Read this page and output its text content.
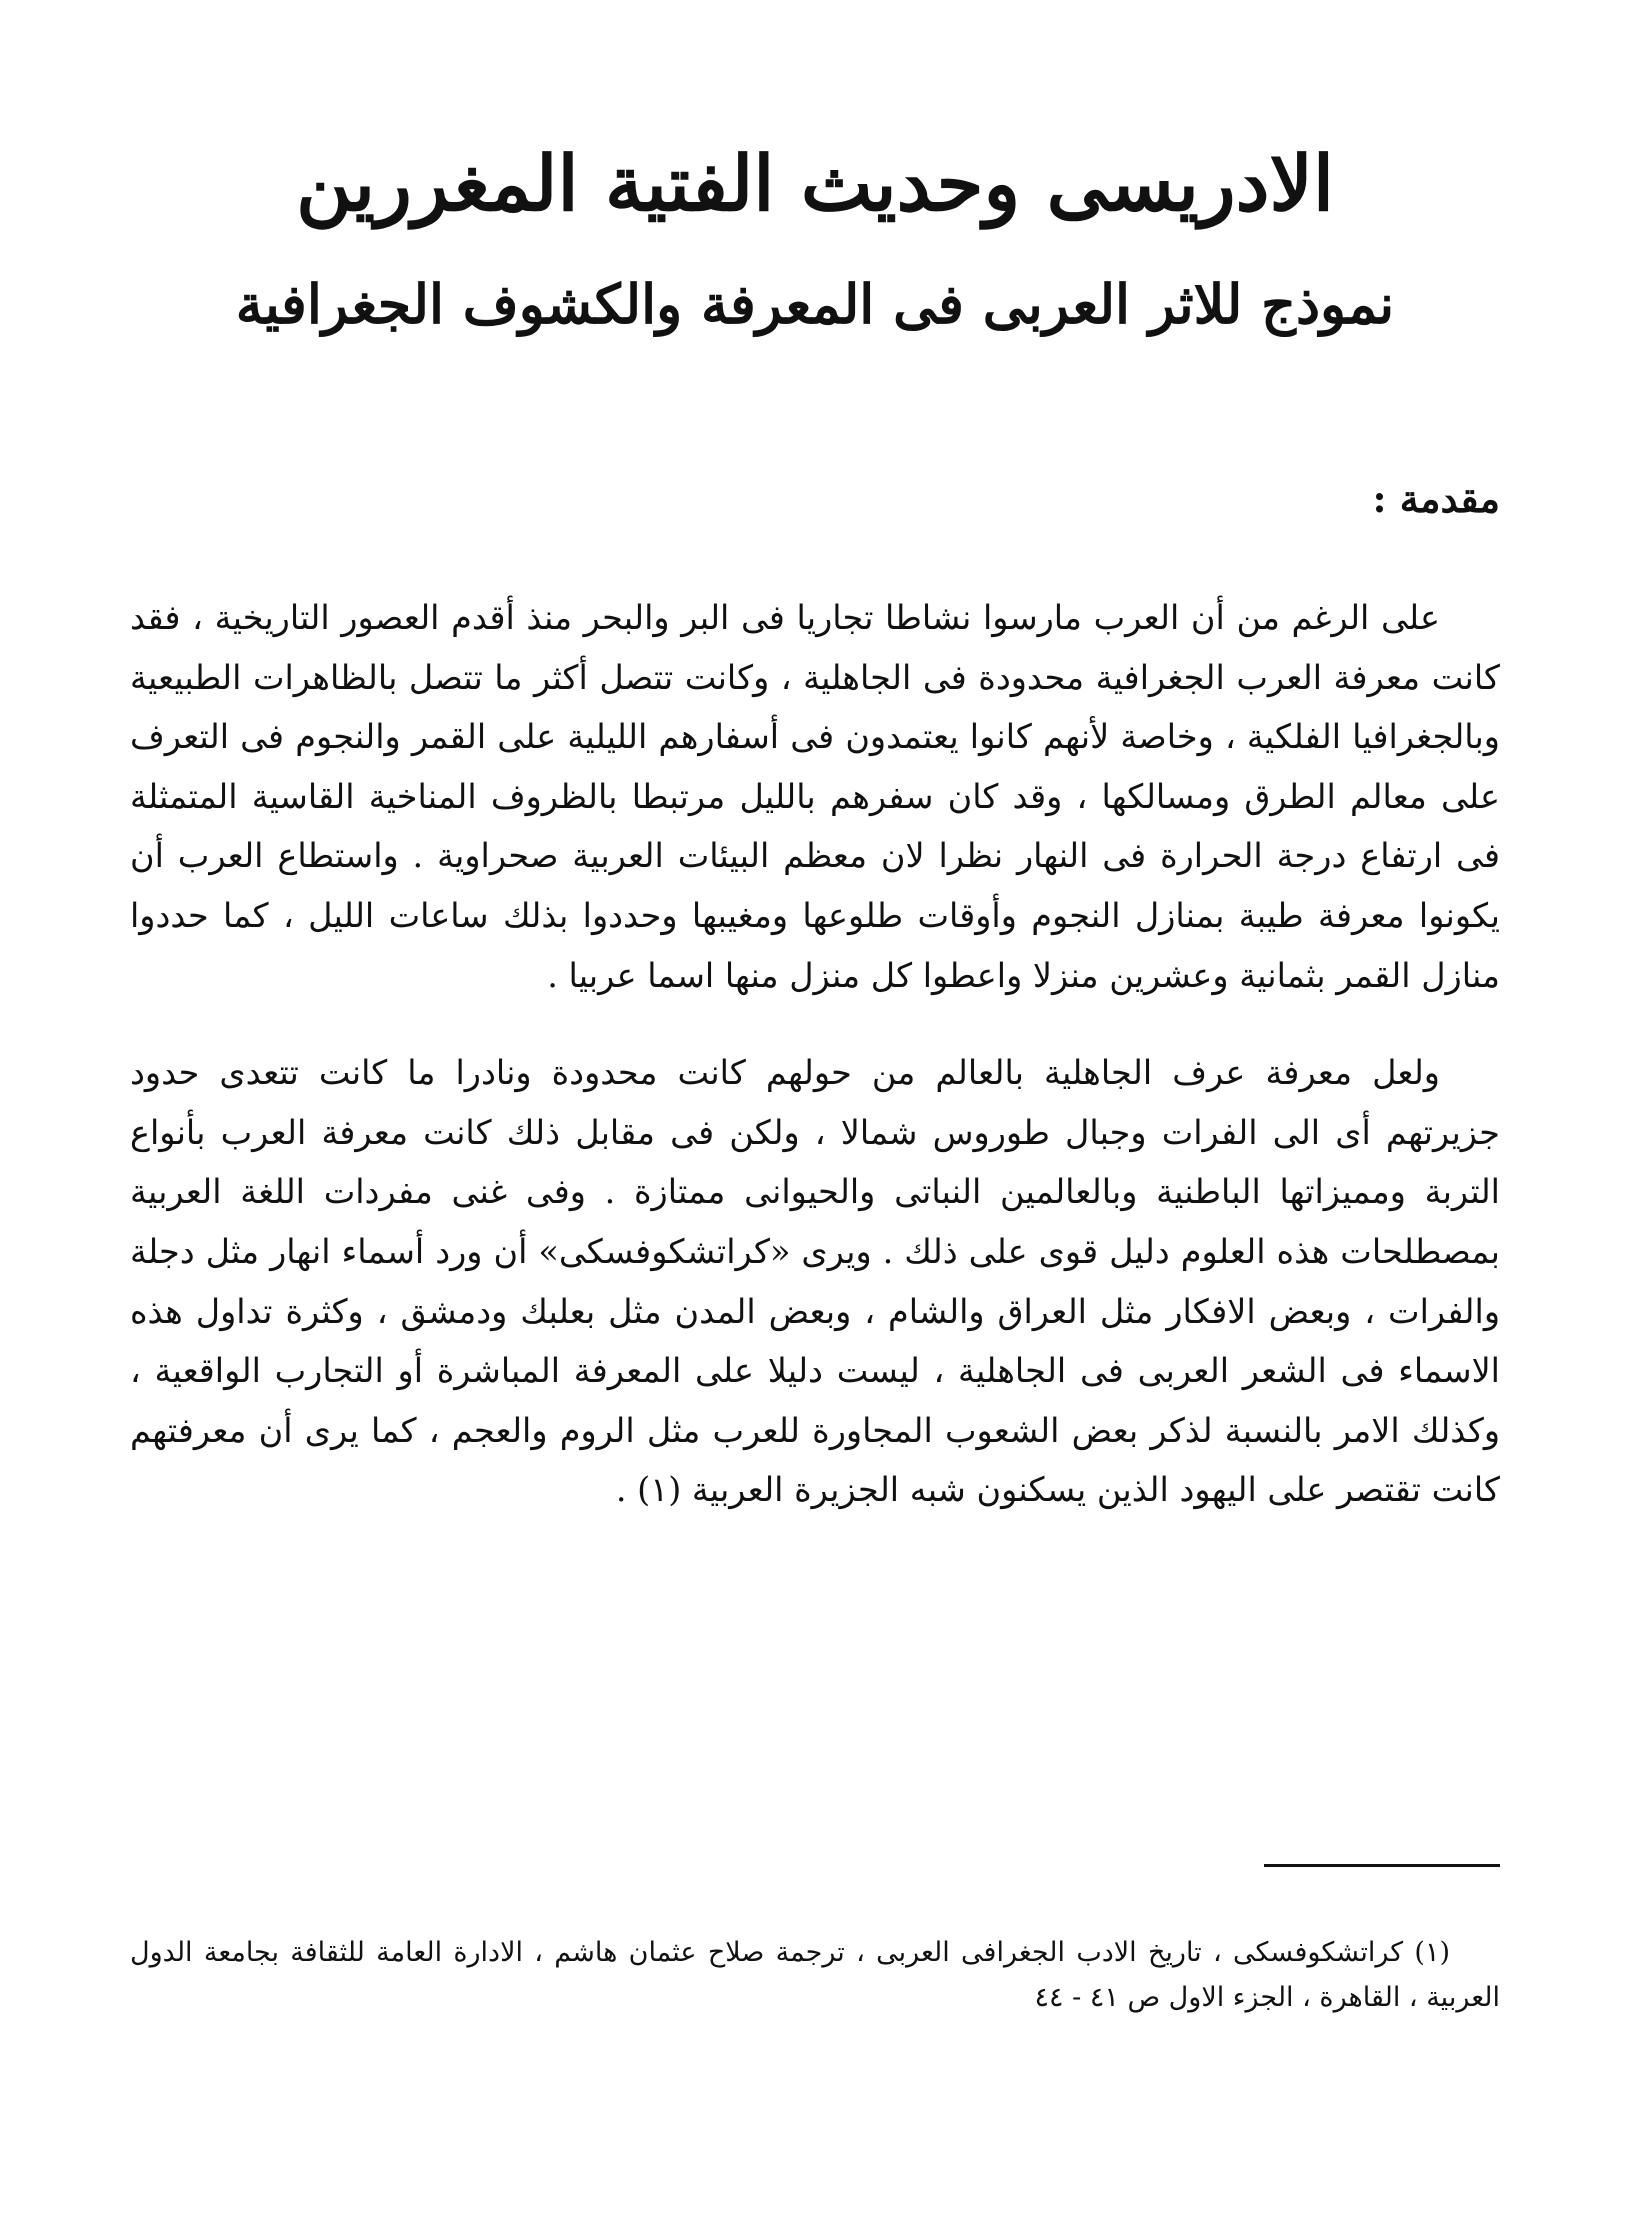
الادريسى وحديث الفتية المغررين
نموذج للاثر العربى فى المعرفة والكشوف الجغرافية
مقدمة :

على الرغم من أن العرب مارسوا نشاطا تجاريا فى البر والبحر منذ أقدم العصور التاريخية ، فقد كانت معرفة العرب الجغرافية محدودة فى الجاهلية ، وكانت تتصل أكثر ما تتصل بالظاهرات الطبيعية وبالجغرافيا الفلكية ، وخاصة لأنهم كانوا يعتمدون فى أسفارهم الليلية على القمر والنجوم فى التعرف على معالم الطرق ومسالكها ، وقد كان سفرهم بالليل مرتبطا بالظروف المناخية القاسية المتمثلة فى ارتفاع درجة الحرارة فى النهار نظرا لان معظم البيئات العربية صحراوية . واستطاع العرب أن يكونوا معرفة طيبة بمنازل النجوم وأوقات طلوعها ومغيبها وحددوا بذلك ساعات الليل ، كما حددوا منازل القمر بثمانية وعشرين منزلا واعطوا كل منزل منها اسما عربيا .

ولعل معرفة عرف الجاهلية بالعالم من حولهم كانت محدودة ونادرا ما كانت تتعدى حدود جزيرتهم أى الى الفرات وجبال طوروس شمالا ، ولكن فى مقابل ذلك كانت معرفة العرب بأنواع التربة ومميزاتها الباطنية وبالعالمين النباتى والحيوانى ممتازة . وفى غنى مفردات اللغة العربية بمصطلحات هذه العلوم دليل قوى على ذلك . ويرى «كراتشكوفسكى» أن ورد أسماء انهار مثل دجلة والفرات ، وبعض الافكار مثل العراق والشام ، وبعض المدن مثل بعلبك ودمشق ، وكثرة تداول هذه الاسماء فى الشعر العربى فى الجاهلية ، ليست دليلا على المعرفة المباشرة أو التجارب الواقعية ، وكذلك الامر بالنسبة لذكر بعض الشعوب المجاورة للعرب مثل الروم والعجم ، كما يرى أن معرفتهم كانت تقتصر على اليهود الذين يسكنون شبه الجزيرة العربية (١) .

(١) كراتشكوفسكى ، تاريخ الادب الجغرافى العربى ، ترجمة صلاح عثمان هاشم ، الادارة العامة للثقافة بجامعة الدول العربية ، القاهرة ، الجزء الاول ص ٤١ - ٤٤
